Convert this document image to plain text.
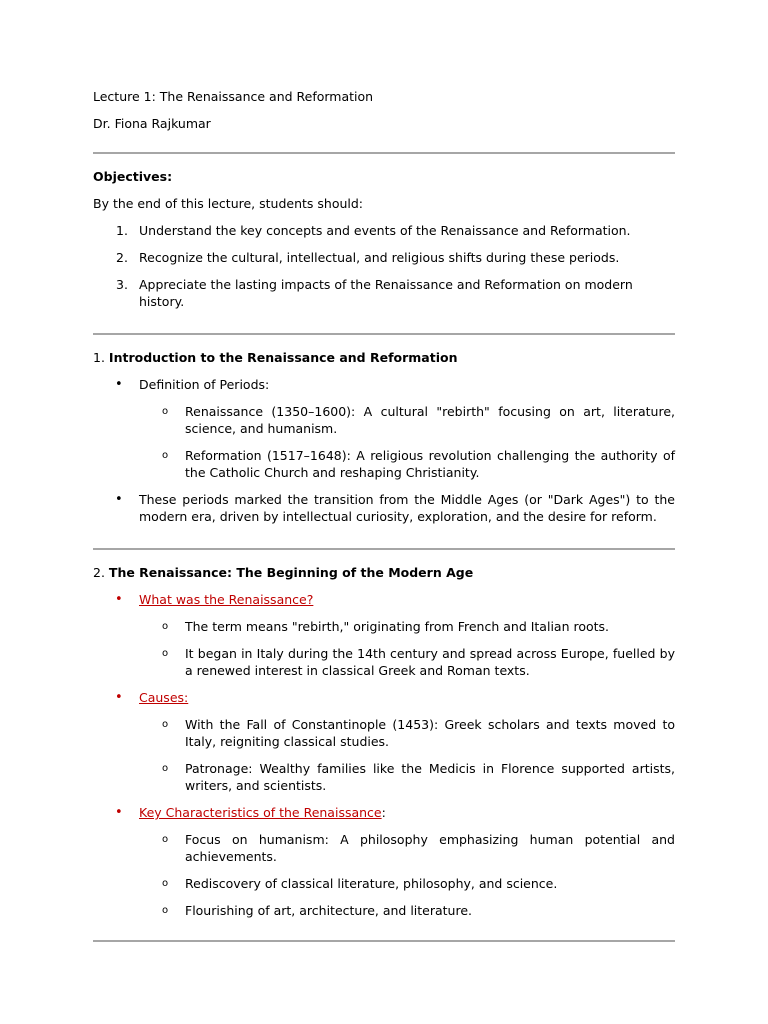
Lecture 1: The Renaissance and Reformation

Dr. Fiona Rajkumar

Objectives:

By the end of this lecture, students should:

1. Understand the key concepts and events of the Renaissance and Reformation.
2. Recognize the cultural, intellectual, and religious shifts during these periods.
3. Appreciate the lasting impacts of the Renaissance and Reformation on modern history.

1. Introduction to the Renaissance and Reformation

•	Definition of Periods:
o	Renaissance (1350–1600): A cultural "rebirth" focusing on art, literature, science, and humanism.
o	Reformation (1517–1648): A religious revolution challenging the authority of the Catholic Church and reshaping Christianity.
•	These periods marked the transition from the Middle Ages (or "Dark Ages") to the modern era, driven by intellectual curiosity, exploration, and the desire for reform.

2. The Renaissance: The Beginning of the Modern Age

•	What was the Renaissance?
o	The term means "rebirth," originating from French and Italian roots.
o	It began in Italy during the 14th century and spread across Europe, fuelled by a renewed interest in classical Greek and Roman texts.
•	Causes:
o	With the Fall of Constantinople (1453): Greek scholars and texts moved to Italy, reigniting classical studies.
o	Patronage: Wealthy families like the Medicis in Florence supported artists, writers, and scientists.
•	Key Characteristics of the Renaissance:
o	Focus on humanism: A philosophy emphasizing human potential and achievements.
o	Rediscovery of classical literature, philosophy, and science.
o	Flourishing of art, architecture, and literature.
